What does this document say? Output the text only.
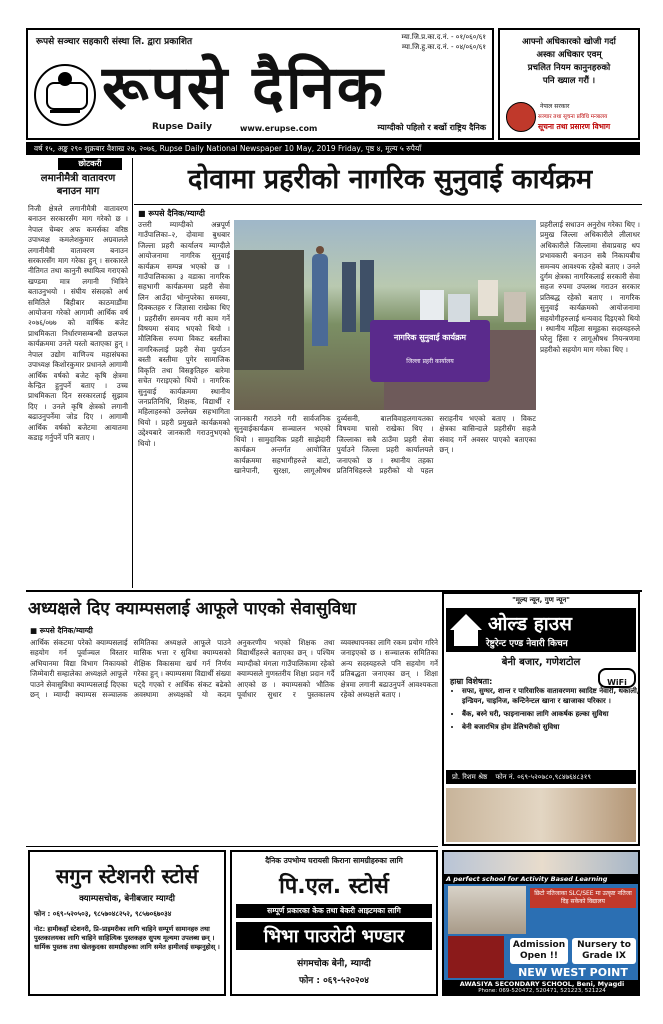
रूपसे सञ्चार सहकारी संस्था लि. द्वारा प्रकाशित	म्या.जि.प्र.का.द.नं. - ०१/०६०/६१
म्या.जि.हु.का.द.नं. - ०४/०६०/६१
रूपसे दैनिक
Rupse Daily	www.erupse.com	म्याग्दीको पहिलो र बर्खो राष्ट्रिय दैनिक
आफ्नो अधिकारको खोजी गर्दा
अस्का अधिकार एवम्
प्रचलित नियम कानुनहरुको
पनि ख्याल गरौं ।
नेपाल सरकार
सञ्चार तथा सूचना प्रविधि मन्त्रालय
सूचना तथा प्रसारण विभाग
वर्ष १५, अङ्क २९० शुक्रबार वैशाख २७, २०७६, Rupse Daily National Newspaper 10 May, 2019 Friday, पृष्ठ ४, मूल्य ५ रुपैयाँ
छोटकरी
लमानीमैत्री वातावरण बनाउन माग
निजी क्षेत्रले लगानीमैत्री वातावरण बनाउन सरकारसँग माग गरेको छ । नेपाल चेम्बर अफ कमर्सका वरिष्ठ उपाध्यक्ष कमलेशकुमार अग्रवालले लगानीमैत्री वातावरण बनाउन सरकारसँग माग गरेका हुन् । सरकारले नीतिगत तथा कानुनी स्थायित्व गराएको खण्डमा मात्र लगानी भित्रिने बताउनुभयो । संघीय संसदको अर्थ समितिले बिहीबार काठमाडौंमा आयोजना गरेको आगामी आर्थिक वर्ष २०७६/०७७ को वार्षिक बजेट प्राथमिकता निर्धारणसम्बन्धी छलफल कार्यक्रममा उनले यस्तो बताएका हुन् । नेपाल उद्योग वाणिज्य महासंघका उपाध्यक्ष किशोरकुमार प्रधानले आगामी आर्थिक वर्षको बजेट कृषि क्षेत्रमा केन्द्रित हुनुपर्ने बताए । उच्च प्राथमिकता दिन सरकारलाई सुझाव दिए । उनले कृषि क्षेत्रको लगानी बढाउनुपर्नेमा जोड दिए । आगामी आर्थिक वर्षको बजेटमा आयातमा कडाइ गर्नुपर्ने पनि बताए ।
दोवामा प्रहरीको नागरिक सुनुवाई कार्यक्रम
■ रूपसे दैनिक/म्याग्दी
उत्तरी म्याग्दीको अन्नपूर्ण गाउँपालिका–२, दोवामा बुधबार जिल्ला प्रहरी कार्यालय म्याग्दीले आयोजनामा नागरिक सुनुवाई कार्यक्रम सम्पन्न भएको छ । गाउँपालिकाका ३ वडाका नागरिक सहभागी कार्यक्रममा प्रहरी सेवा लिन आउँदा भोग्नुपरेका समस्या, दिक्कतहरु र जिज्ञासा राखेका थिए । प्रहरीसँग समन्वय गरी काम गर्ने विषयमा संवाद भएको थियो । मौलिकिस रुपमा विकट बस्तीका नागरिकलाई प्रहरी सेवा पुर्याउन बस्ती बस्तीमा पुगेर सामाजिक विकृति तथा विसङ्गतिहरु बारेमा सचेत गराइएको थियो । नागरिक सुनुवाई कार्यक्रममा स्थानीय जनप्रतिनिधि, शिक्षक, विद्यार्थी र महिलाहरुको उल्लेख्य सहभागिता थियो । प्रहरी प्रमुखले कार्यक्रमको उद्देश्यबारे जानकारी गराउनुभएको थियो ।
नागरिक सुनुवाई कार्यक्रम
जिल्ला प्रहरी कार्यालय
जानकारी गराउने गरी सार्वजनिक सुनुवाईकार्यक्रम सञ्चालन भएको थियो । सामुदायिक प्रहरी साझेदारी कार्यक्रम अन्तर्गत आयोजित कार्यक्रममा सहभागीहरुले बाटो, खानेपानी, सुरक्षा, लागूऔषध दुर्व्यसनी, बालविवाहलगायतका विषयमा चासो राखेका थिए । जिल्लाका सबै ठाउँमा प्रहरी सेवा पुर्याउने जिल्ला प्रहरी कार्यालयले जनाएको छ । स्थानीय तहका प्रतिनिधिहरुले प्रहरीको यो पहल सराहनीय भएको बताए । विकट क्षेत्रका बासिन्दाले प्रहरीसँग सहजै संवाद गर्ने अवसर पाएको बताएका छन् ।
प्रहरीलाई सधाउन अनुरोध गरेका थिए । प्रमुख जिल्ला अधिकारीले लीलाधर अधिकारीले जिल्लामा सेवाप्रवाह थप प्रभावकारी बनाउन सबै निकायबीच समन्वय आवश्यक रहेको बताए । उनले दुर्गम क्षेत्रका नागरिकलाई सरकारी सेवा सहज रुपमा उपलब्ध गराउन सरकार प्रतिबद्ध रहेको बताए । नागरिक सुनुवाई कार्यक्रमको आयोजनामा सहयोगीहरुलाई धन्यवाद दिइएको थियो । स्थानीय महिला समूहका सदस्यहरुले घरेलु हिंसा र लागूऔषध नियन्त्रणमा प्रहरीको सहयोग माग गरेका थिए ।
अध्यक्षले दिए क्याम्पसलाई आफूले पाएको सेवासुविधा
■ रूपसे दैनिक/म्याग्दी
आर्थिक संकटमा परेको क्याम्पसलाई सहयोग गर्न पूर्वाञ्चल विस्तार अभियानमा विद्या विभाग निकायको जिम्मेवारी सम्हालेका अध्यक्षले आफूले पाउने सेवासुविधा क्याम्पसलाई दिएका छन् । म्याग्दी क्याम्पस सञ्चालक समितिका अध्यक्षले आफूले पाउने मासिक भत्ता र सुविधा क्याम्पसको शैक्षिक विकासमा खर्च गर्न निर्णय गरेका हुन् । क्याम्पसमा विद्यार्थी संख्या घट्दै गएको र आर्थिक संकट बढेको अवस्थामा अध्यक्षको यो कदम अनुकरणीय भएको शिक्षक तथा विद्यार्थीहरुले बताएका छन् । पश्चिम म्याग्दीको मंगला गाउँपालिकामा रहेको क्याम्पसले गुणस्तरीय शिक्षा प्रदान गर्दै आएको छ । क्याम्पसको भौतिक पूर्वाधार सुधार र पुस्तकालय व्यवस्थापनका लागि रकम प्रयोग गरिने जनाइएको छ । सञ्चालक समितिका अन्य सदस्यहरुले पनि सहयोग गर्ने प्रतिबद्धता जनाएका छन् । शिक्षा क्षेत्रमा लगानी बढाउनुपर्ने आवश्यकता रहेको अध्यक्षले बताए ।
"मूल्य न्यून, गुण न्यून"
ओल्ड हाउस
रेष्टुरेन्ट एण्ड नेवारी किचन
बेनी बजार, गणेशटोल
WiFi
हाम्रा विशेषता:
• सफा, सुग्घर, शान्त र पारिवारिक वातावरणमा स्वादिष्ट नेवारी, थकाली, इन्डियन, चाइनिज, कन्टिनेन्टल खाना र खाजाका परिकार ।
• बैंक, बस्ने घरी, फाइनान्सका लागि आकर्षक हल्का सुविधा
• बेनी बजारभित्र होम डेलिभरीको सुविधा
प्रो. रिशम श्रेष्ठ फोन नं. ०६९-५२०७८०,९८४७६४८३१९
सगुन स्टेशनरी स्टोर्स
क्याम्पसचोक, बेनीबजार म्याग्दी
फोन : ०६९-५२०५०३, ९८५७०४८२५२, ९८५७०६७०३४
नोट: हामीकहाँ स्टेशनरी, प्रि–प्राइमरीका लागि चाहिने सम्पूर्ण सामानहरु तथा पुस्तकालयका लागि चाहिने साहित्यिक पुस्तकहरु सुपथ मूल्यमा उपलब्ध छन् । धार्मिक पुस्तक तथा खेलकुदका सामग्रीहरुका लागि समेत हामीलाई सम्झनुहोस् ।
दैनिक उपभोग्य घरायसी किराना सामग्रीहरुका लागि
पि.एल. स्टोर्स
सम्पूर्ण प्रकारका केक तथा बेकरी आइटमका लागि
भिभा पाउरोटी भण्डार
संगमचोक बेनी, म्याग्दी
फोन : ०६९-५२०२०४
A perfect school for Activity Based Learning
छिटो नतिजाका SLC/SEE मा उत्कृष्ट नतिजा दिइ सकेको विद्यालय
Admission Open !!
Nursery to Grade IX
NEW WEST POINT
AWASIYA SECONDARY SCHOOL, Beni, Myagdi
Phone: 069-520472, 520471, 521223, 521224
